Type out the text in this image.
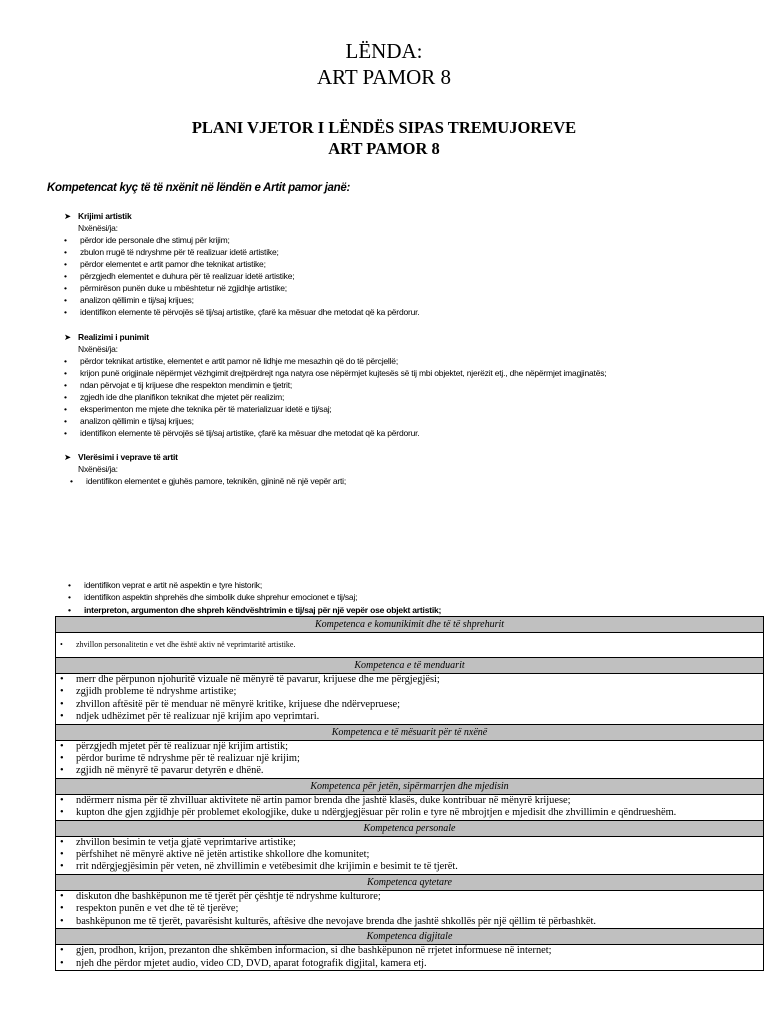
LËNDA:
ART PAMOR 8
PLANI VJETOR I LËNDËS SIPAS TREMUJOREVE
ART PAMOR 8
Kompetencat kyç të të nxënit në lëndën e Artit pamor janë:
➤ Krijimi artistik
Nxënësi/ja:
• përdor ide personale dhe stimuj për krijim;
• zbulon rrugë të ndryshme për të realizuar idetë artistike;
• përdor elementet e artit pamor dhe teknikat artistike;
• përzgjedh elementet e duhura për të realizuar idetë artistike;
• përmirëson punën duke u mbështetur në zgjidhje artistike;
• analizon qëllimin e tij/saj krijues;
• identifikon elemente të përvojës së tij/saj artistike, çfarë ka mësuar dhe metodat që ka përdorur.
➤ Realizimi i punimit
Nxënësi/ja:
• përdor teknikat artistike, elementet e artit pamor në lidhje me mesazhin që do të përcjellë;
• krijon punë origjinale nëpërmjet vëzhgimit drejtpërdrejt nga natyra ose nëpërmjet kujtesës së tij mbi objektet, njerëzit etj., dhe nëpërmjet imagjinatës;
• ndan përvojat e tij krijuese dhe respekton mendimin e tjetrit;
• zgjedh ide dhe planifikon teknikat dhe mjetet për realizim;
• eksperimenton me mjete dhe teknika për të materializuar idetë e tij/saj;
• analizon qëllimin e tij/saj krijues;
• identifikon elemente të përvojës së tij/saj artistike, çfarë ka mësuar dhe metodat që ka përdorur.
➤ Vlerësimi i veprave të artit
Nxënësi/ja:
• identifikon elementet e gjuhës pamore, teknikën, gjininë në një vepër arti;
• identifikon veprat e artit në aspektin e tyre historik;
• identifikon aspektin shprehës dhe simbolik duke shprehur emocionet e tij/saj;
• interpreton, argumenton dhe shpreh këndvështrimin e tij/saj për një vepër ose objekt artistik;
Kompetenca e komunikimit dhe të të shprehurit

• zhvillon personalitetin e vet dhe është aktiv në veprimtaritë artistike.

Kompetenca e të menduarit

• merr dhe përpunon njohuritë vizuale në mënyrë të pavarur, krijuese dhe me përgjegjësi;
• zgjidh probleme të ndryshme artistike;
• zhvillon aftësitë për të menduar në mënyrë kritike, krijuese dhe ndërvepruese;
• ndjek udhëzimet për të realizuar një krijim apo veprimtari.

Kompetenca e të mësuarit për të nxënë

• përzgjedh mjetet për të realizuar një krijim artistik;
• përdor burime të ndryshme për të realizuar një krijim;
• zgjidh në mënyrë të pavarur detyrën e dhënë.

Kompetenca për jetën, sipërmarrjen dhe mjedisin

• ndërmerr nisma për të zhvilluar aktivitete në artin pamor brenda dhe jashtë klasës, duke kontribuar në mënyrë krijuese;
• kupton dhe gjen zgjidhje për problemet ekologjike, duke u ndërgjegjësuar për rolin e tyre në mbrojtjen e mjedisit dhe zhvillimin e qëndrueshëm.

Kompetenca personale

• zhvillon besimin te vetja gjatë veprimtarive artistike;
• përfshihet në mënyrë aktive në jetën artistike shkollore dhe komunitet;
• rrit ndërgjegjësimin për veten, në zhvillimin e vetëbesimit dhe krijimin e besimit te të tjerët.

Kompetenca qytetare

• diskuton dhe bashkëpunon me të tjerët për çështje të ndryshme kulturore;
• respekton punën e vet dhe të të tjerëve;
• bashkëpunon me të tjerët, pavarësisht kulturës, aftësive dhe nevojave brenda dhe jashtë shkollës për një qëllim të përbashkët.

Kompetenca digjitale

• gjen, prodhon, krijon, prezanton dhe shkëmben informacion, si dhe bashkëpunon në rrjetet informuese në internet;
• njeh dhe përdor mjetet audio, video CD, DVD, aparat fotografik digjital, kamera etj.
